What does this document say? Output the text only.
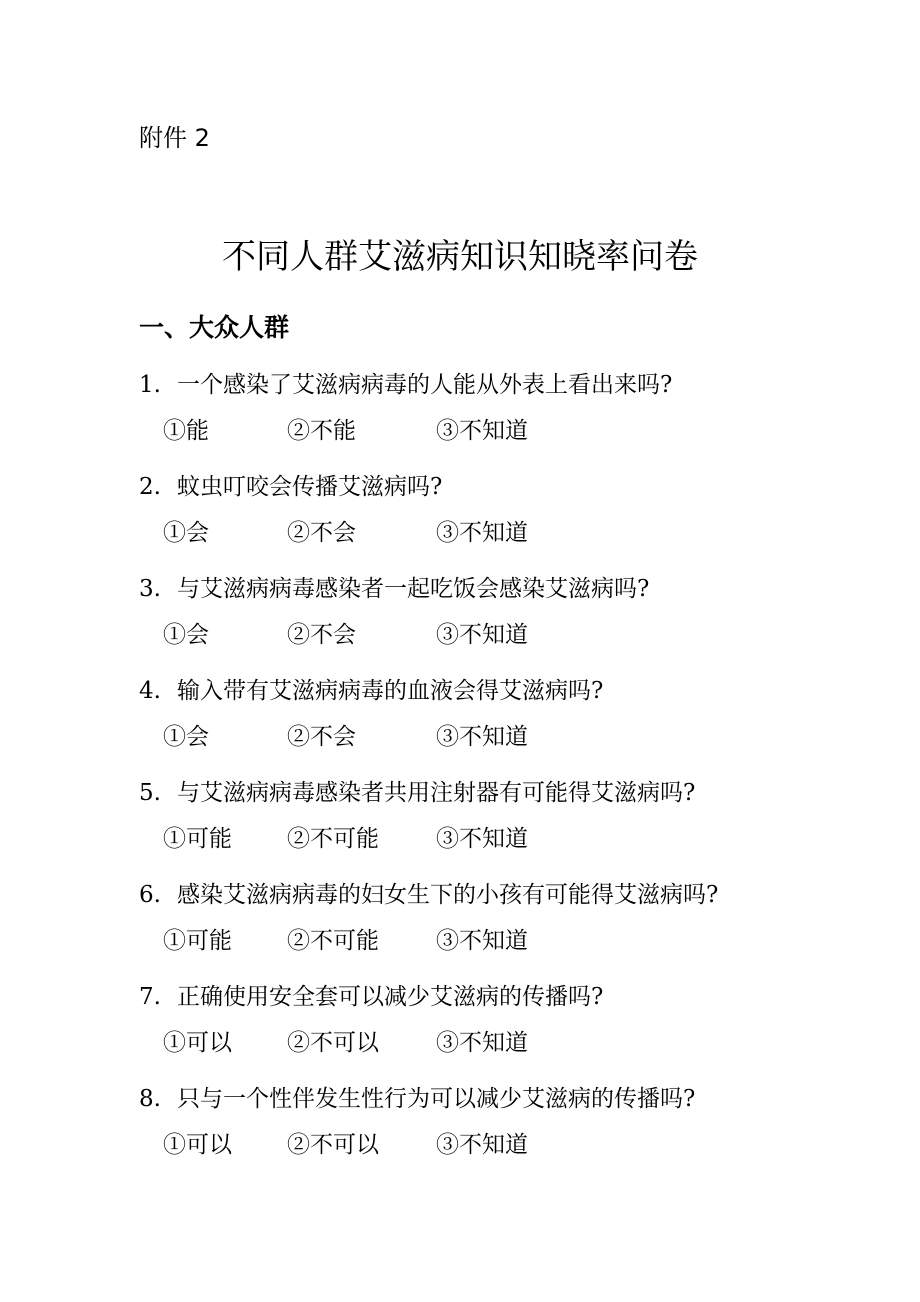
附件 2
不同人群艾滋病知识知晓率问卷
一、大众人群
1. 一个感染了艾滋病病毒的人能从外表上看出来吗?
①能	②不能	③不知道
2. 蚊虫叮咬会传播艾滋病吗?
①会	②不会	③不知道
3. 与艾滋病病毒感染者一起吃饭会感染艾滋病吗?
①会	②不会	③不知道
4. 输入带有艾滋病病毒的血液会得艾滋病吗?
①会	②不会	③不知道
5. 与艾滋病病毒感染者共用注射器有可能得艾滋病吗?
①可能 ②不可能 ③不知道
6. 感染艾滋病病毒的妇女生下的小孩有可能得艾滋病吗?
①可能 ②不可能 ③不知道
7. 正确使用安全套可以减少艾滋病的传播吗?
①可以 ②不可以 ③不知道
8. 只与一个性伴发生性行为可以减少艾滋病的传播吗?
①可以 ②不可以 ③不知道
